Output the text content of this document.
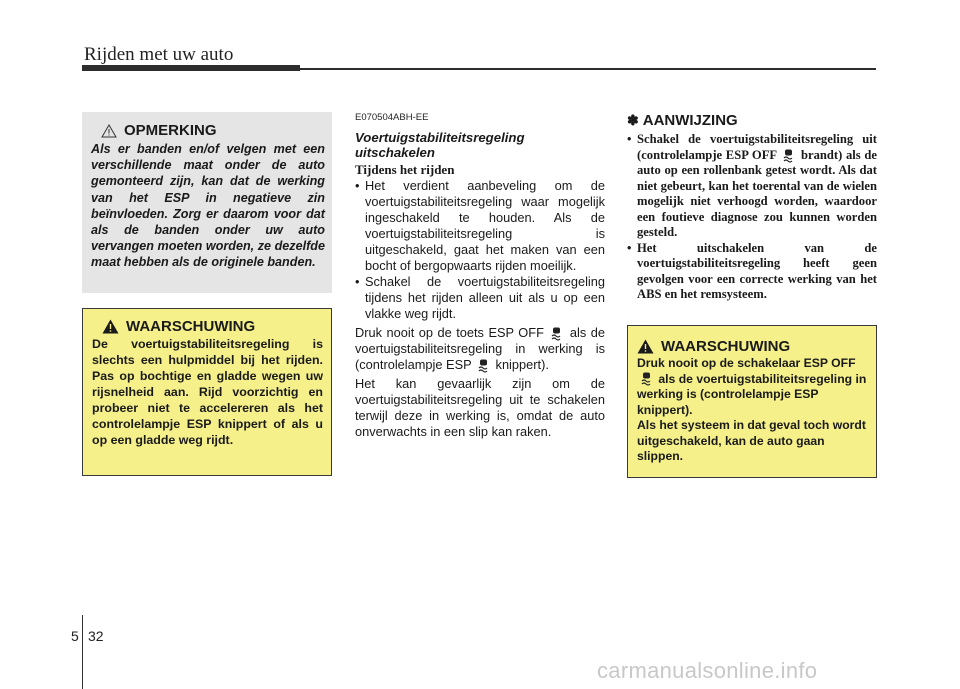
Rijden met uw auto
OPMERKING
Als er banden en/of velgen met een verschillende maat onder de auto gemonteerd zijn, kan dat de werking van het ESP in negatieve zin beïnvloeden. Zorg er daarom voor dat als de banden onder uw auto vervangen moeten worden, ze dezelfde maat hebben als de originele banden.
WAARSCHUWING
De voertuigstabiliteitsregeling is slechts een hulpmiddel bij het rijden. Pas op bochtige en gladde wegen uw rijsnelheid aan. Rijd voorzichtig en probeer niet te accelereren als het controlelampje ESP knippert of als u op een gladde weg rijdt.
E070504ABH-EE
Voertuigstabiliteitsregeling uitschakelen
Tijdens het rijden
• Het verdient aanbeveling om de voertuigstabiliteitsregeling waar mogelijk ingeschakeld te houden. Als de voertuigstabiliteitsregeling is uitgeschakeld, gaat het maken van een bocht of bergopwaarts rijden moeilijk.
• Schakel de voertuigstabiliteitsregeling tijdens het rijden alleen uit als u op een vlakke weg rijdt.
Druk nooit op de toets ESP OFF als de voertuigstabiliteitsregeling in werking is (controlelampje ESP knippert).
Het kan gevaarlijk zijn om de voertuigstabiliteitsregeling uit te schakelen terwijl deze in werking is, omdat de auto onverwachts in een slip kan raken.
✽ AANWIJZING
• Schakel de voertuigstabiliteitsregeling uit (controlelampje ESP OFF brandt) als de auto op een rollenbank getest wordt. Als dat niet gebeurt, kan het toerental van de wielen mogelijk niet verhoogd worden, waardoor een foutieve diagnose zou kunnen worden gesteld.
• Het uitschakelen van de voertuigstabiliteitsregeling heeft geen gevolgen voor een correcte werking van het ABS en het remsysteem.
WAARSCHUWING

Druk nooit op de schakelaar ESP OFF
als de voertuigstabiliteitsregeling in werking is (controlelampje ESP knippert).

Als het systeem in dat geval toch wordt uitgeschakeld, kan de auto gaan slippen.

5 32
carmanualsonline.info
